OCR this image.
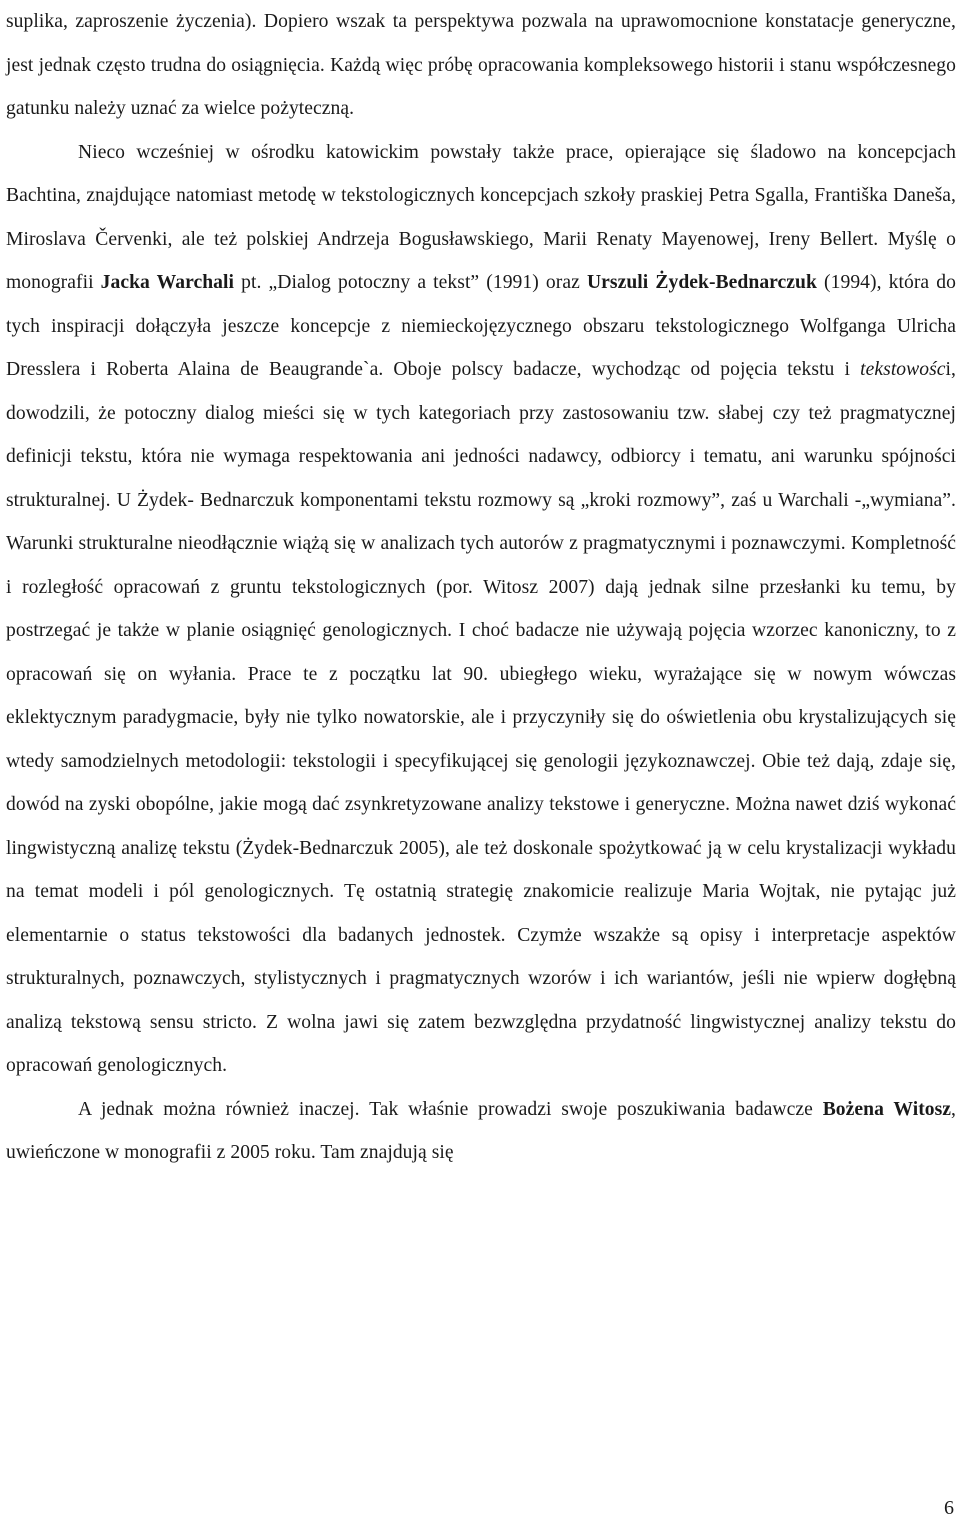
suplika, zaproszenie życzenia). Dopiero wszak ta perspektywa pozwala na uprawomocnione konstatacje generyczne, jest jednak często trudna do osiągnięcia. Każdą więc próbę opracowania kompleksowego historii i stanu współczesnego gatunku należy uznać za wielce pożyteczną.

Nieco wcześniej w ośrodku katowickim powstały także prace, opierające się śladowo na koncepcjach Bachtina, znajdujące natomiast metodę w tekstologicznych koncepcjach szkoły praskiej Petra Sgalla, Františka Daneša, Miroslava Červenki, ale też polskiej Andrzeja Bogusławskiego, Marii Renaty Mayenowej, Ireny Bellert. Myślę o monografii Jacka Warchali pt. „Dialog potoczny a tekst” (1991) oraz Urszuli Żydek-Bednarczuk (1994), która do tych inspiracji dołączyła jeszcze koncepcje z niemieckojęzycznego obszaru tekstologicznego Wolfganga Ulricha Dresslera i Roberta Alaina de Beaugrande`a. Oboje polscy badacze, wychodząc od pojęcia tekstu i tekstowości, dowodzili, że potoczny dialog mieści się w tych kategoriach przy zastosowaniu tzw. słabej czy też pragmatycznej definicji tekstu, która nie wymaga respektowania ani jedności nadawcy, odbiorcy i tematu, ani warunku spójności strukturalnej. U Żydek- Bednarczuk komponentami tekstu rozmowy są „kroki rozmowy”, zaś u Warchali -„wymiana”. Warunki strukturalne nieodłącznie wiążą się w analizach tych autorów z pragmatycznymi i poznawczymi. Kompletność i rozległość opracowań z gruntu tekstologicznych (por. Witosz 2007) dają jednak silne przesłanki ku temu, by postrzegać je także w planie osiągnięć genologicznych. I choć badacze nie używają pojęcia wzorzec kanoniczny, to z opracowań się on wyłania. Prace te z początku lat 90. ubiegłego wieku, wyrażające się w nowym wówczas eklektycznym paradygmacie, były nie tylko nowatorskie, ale i przyczyniły się do oświetlenia obu krystalizujących się wtedy samodzielnych metodologii: tekstologii i specyfikującej się genologii językoznawczej. Obie też dają, zdaje się, dowód na zyski obopólne, jakie mogą dać zsynkretyzowane analizy tekstowe i generyczne. Można nawet dziś wykonać lingwistyczną analizę tekstu (Żydek-Bednarczuk 2005), ale też doskonale spożytkować ją w celu krystalizacji wykładu na temat modeli i pól genologicznych. Tę ostatnią strategię znakomicie realizuje Maria Wojtak, nie pytając już elementarnie o status tekstowości dla badanych jednostek. Czymże wszakże są opisy i interpretacje aspektów strukturalnych, poznawczych, stylistycznych i pragmatycznych wzorów i ich wariantów, jeśli nie wpierw dogłębną analizą tekstową sensu stricto. Z wolna jawi się zatem bezwzględna przydatność lingwistycznej analizy tekstu do opracowań genologicznych.

A jednak można również inaczej. Tak właśnie prowadzi swoje poszukiwania badawcze Bożena Witosz, uwieńczone w monografii z 2005 roku. Tam znajdują się

6
